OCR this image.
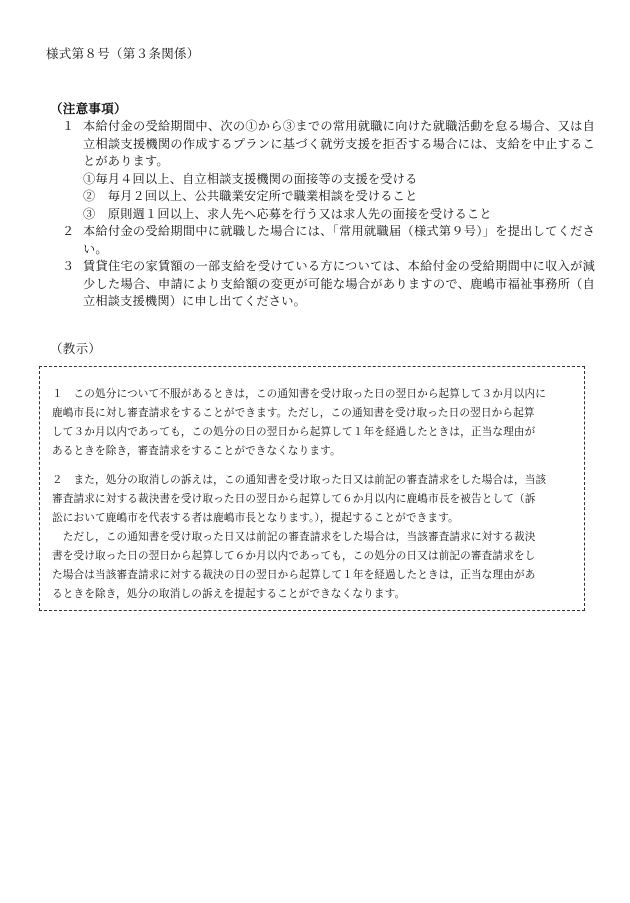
様式第８号（第３条関係）
（注意事項）
１ 本給付金の受給期間中、次の①から③までの常用就職に向けた就職活動を怠る場合、又は自立相談支援機関の作成するプランに基づく就労支援を拒否する場合には、支給を中止することがあります。
①毎月４回以上、自立相談支援機関の面接等の支援を受ける
②　毎月２回以上、公共職業安定所で職業相談を受けること
③　原則週１回以上、求人先へ応募を行う又は求人先の面接を受けること
２ 本給付金の受給期間中に就職した場合には、「常用就職届（様式第９号）」を提出してください。
３ 賃貸住宅の家賃額の一部支給を受けている方については、本給付金の受給期間中に収入が減少した場合、申請により支給額の変更が可能な場合がありますので、鹿嶋市福祉事務所（自立相談支援機関）に申し出てください。
（教示）
１　この処分について不服があるときは，この通知書を受け取った日の翌日から起算して３か月以内に
鹿嶋市長に対し審査請求をすることができます。ただし，この通知書を受け取った日の翌日から起算
して３か月以内であっても，この処分の日の翌日から起算して１年を経過したときは，正当な理由が
あるときを除き，審査請求をすることができなくなります。
２　また，処分の取消しの訴えは，この通知書を受け取った日又は前記の審査請求をした場合は，当該
審査請求に対する裁決書を受け取った日の翌日から起算して６か月以内に鹿嶋市長を被告として（訴
訟において鹿嶋市を代表する者は鹿嶋市長となります。），提起することができます。
　ただし，この通知書を受け取った日又は前記の審査請求をした場合は，当該審査請求に対する裁決
書を受け取った日の翌日から起算して６か月以内であっても，この処分の日又は前記の審査請求をし
た場合は当該審査請求に対する裁決の日の翌日から起算して１年を経過したときは，正当な理由があ
るときを除き，処分の取消しの訴えを提起することができなくなります。
